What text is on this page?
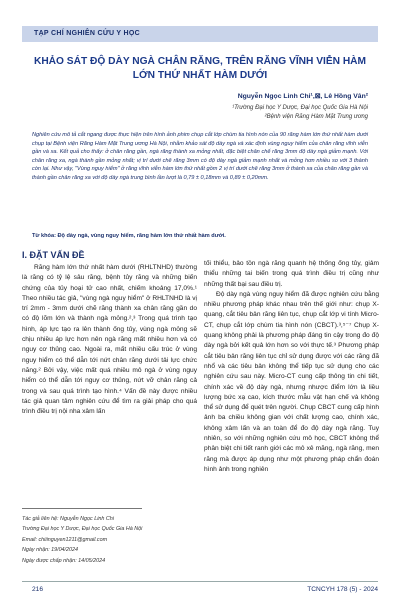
TẠP CHÍ NGHIÊN CỨU Y HỌC
KHẢO SÁT ĐỘ DÀY NGÀ CHÂN RĂNG, TRÊN RĂNG VĨNH VIỄN HÀM LỚN THỨ NHẤT HÀM DƯỚI
Nguyễn Ngọc Linh Chi¹,⊠, Lê Hồng Vân²
¹Trường Đại học Y Dược, Đại học Quốc Gia Hà Nội
²Bệnh viện Răng Hàm Mặt Trung ương
Nghiên cứu mô tả cắt ngang được thực hiện trên hình ảnh phim chụp cắt lớp chùm tia hình nón của 90 răng hàm lớn thứ nhất hàm dưới chụp tại Bệnh viện Răng Hàm Mặt Trung ương Hà Nội, nhằm khảo sát độ dày ngà và xác định vùng nguy hiểm của chân răng vĩnh viễn gần và xa. Kết quả cho thấy: ở chân răng gần, ngà răng thành xa mỏng nhất, đặc biệt chân chế răng 3mm độ dày ngà giảm mạnh. Với chân răng xa, ngà thành gần mỏng nhất; vị trí dưới chẽ răng 3mm có độ dày ngà giảm mạnh nhất và mỏng hơn nhiều so với 3 thành còn lại. Như vậy, "Vùng nguy hiểm" ở răng vĩnh viễn hàm lớn thứ nhất gồm 2 vị trí dưới chẽ răng 3mm ở thành xa của chân răng gần và thành gần chân răng xa với độ dày ngà trung bình lần lượt là 0,79 ± 0,18mm và 0,89 ± 0,20mm.
Từ khóa: Độ dày ngà, vùng nguy hiểm, răng hàm lớn thứ nhất hàm dưới.
I. ĐẶT VẤN ĐỀ

Răng hàm lớn thứ nhất hàm dưới (RHLTNHD) thường là răng có tỷ lệ sâu răng, bệnh tủy răng và những biến chứng của tủy hoại tử cao nhất, chiếm khoảng 17,0%.¹ Theo nhiều tác giả, "vùng ngà nguy hiểm" ở RHLTNHD là vị trí 2mm - 3mm dưới chẽ răng thành xa chân răng gần do có độ lõm lớn và thành ngà mỏng.²,³ Trong quá trình tạo hình, áp lực tạo ra lên thành ống tủy, vùng ngà mỏng sẽ chịu nhiều áp lực hơn nên ngà răng mất nhiều hơn và có nguy cơ thủng cao. Ngoài ra, mất nhiều cấu trúc ở vùng nguy hiểm có thể dẫn tới nứt chân răng dưới tải lực chức năng.² Bởi vậy, việc mất quá nhiều mô ngà ở vùng nguy hiểm có thể dẫn tới nguy cơ thủng, nứt vỡ chân răng cả trong và sau quá trình tạo hình.⁴ Vấn đề này được nhiều tác giả quan tâm nghiên cứu để tìm ra giải pháp cho quá trình điều trị nội nha xâm lấn

tối thiểu, bảo tồn ngà răng quanh hệ thống ống tủy, giảm thiểu những tai biến trong quá trình điều trị cũng như những thất bại sau điều trị.

Độ dày ngà vùng nguy hiểm đã được nghiên cứu bằng nhiều phương pháp khác nhau trên thế giới như: chụp X-quang, cắt tiêu bản răng liên tục, chụp cắt lớp vi tính Micro-CT, chụp cắt lớp chùm tia hình nón (CBCT).³,⁵⁻⁷ Chụp X-quang không phải là phương pháp đáng tin cậy trong đo độ dày ngà bởi kết quả lớn hơn so với thực tế.³ Phương pháp cắt tiêu bản răng liên tục chỉ sử dụng được với các răng đã nhổ và các tiêu bản không thể tiếp tục sử dụng cho các nghiên cứu sau này. Micro-CT cung cấp thông tin chi tiết, chính xác về độ dày ngà, nhưng nhược điểm lớn là liều lượng bức xạ cao, kích thước mẫu vật hạn chế và không thể sử dụng để quét trên người. Chụp CBCT cung cấp hình ảnh ba chiều không gian với chất lượng cao, chính xác, không xâm lấn và an toàn để đo độ dày ngà răng. Tuy nhiên, so với những nghiên cứu mô học, CBCT không thể phân biệt chi tiết ranh giới các mô xê măng, ngà răng, men răng mà được áp dụng như một phương pháp chẩn đoán hình ảnh trong nghiên

Tác giả liên hệ: Nguyễn Ngọc Linh Chi
Trường Đại học Y Dược, Đại học Quốc Gia Hà Nội
Email: chiiinguyen1211@gmail.com
Ngày nhận: 19/04/2024
Ngày được chấp nhận: 14/05/2024
216	TCNCYH 178 (5) - 2024
